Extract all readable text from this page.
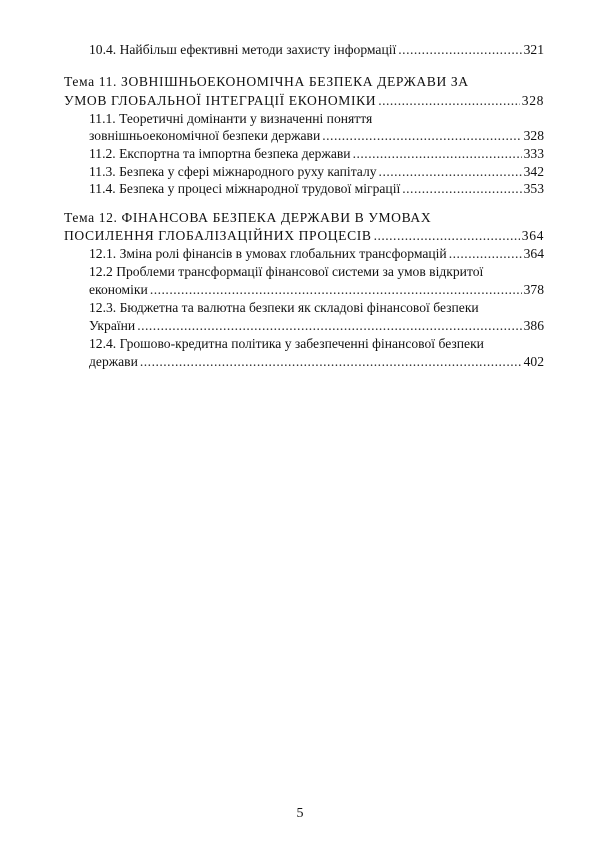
10.4. Найбільш ефективні методи захисту інформації .....	321
Тема 11. ЗОВНІШНЬОЕКОНОМІЧНА БЕЗПЕКА ДЕРЖАВИ ЗА
УМОВ ГЛОБАЛЬНОЇ ІНТЕГРАЦІЇ ЕКОНОМІКИ .....	328
11.1. Теоретичні домінанти у визначенні поняття
зовнішньоекономічної безпеки держави .....	328
11.2. Експортна та імпортна безпека держави .....	333
11.3. Безпека у сфері міжнародного руху капіталу .....	342
11.4. Безпека у процесі міжнародної трудової міграції .....	353
Тема 12. ФІНАНСОВА БЕЗПЕКА ДЕРЖАВИ В УМОВАХ
ПОСИЛЕННЯ ГЛОБАЛІЗАЦІЙНИХ ПРОЦЕСІВ .....	364
12.1. Зміна ролі фінансів в умовах глобальних трансформацій .....	364
12.2 Проблеми трансформації фінансової системи за умов відкритої
економіки .....	378
12.3. Бюджетна та валютна безпеки як складові фінансової безпеки
України .....	386
12.4. Грошово-кредитна політика у забезпеченні фінансової безпеки
держави .....	402
5
